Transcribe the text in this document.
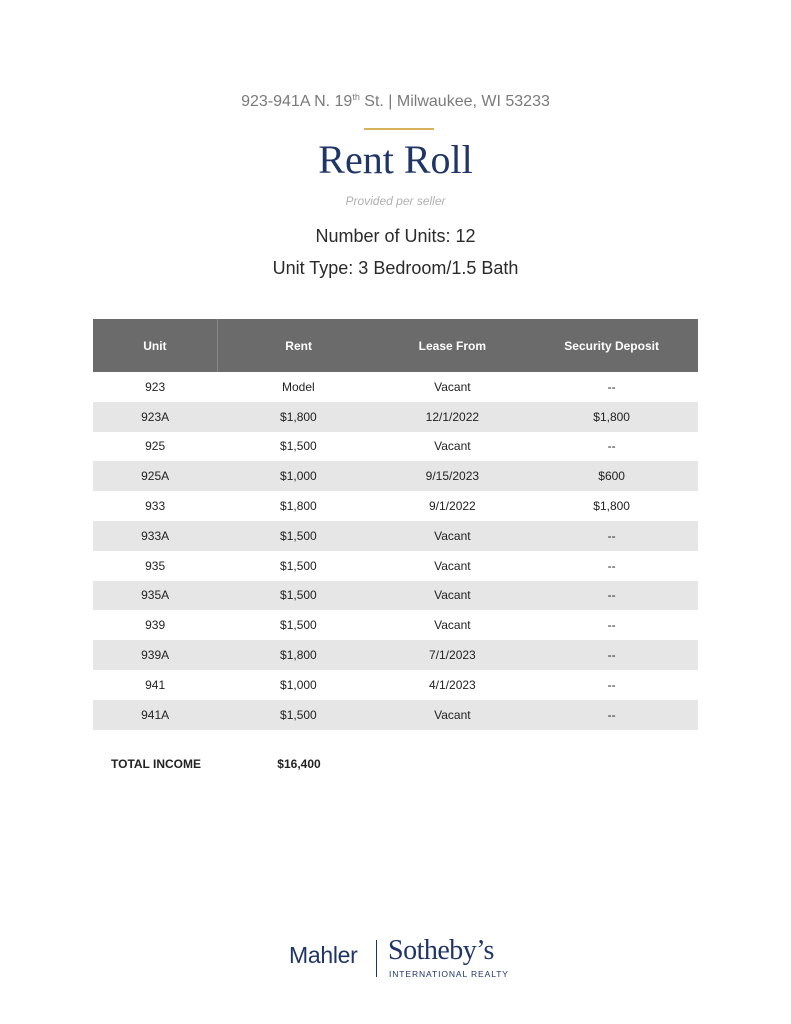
923-941A N. 19th St. | Milwaukee, WI 53233
Rent Roll
Provided per seller
Number of Units: 12
Unit Type: 3 Bedroom/1.5 Bath
Unit	Rent	Lease From	Security Deposit
923	Model	Vacant	--
923A	$1,800	12/1/2022	$1,800
925	$1,500	Vacant	--
925A	$1,000	9/15/2023	$600
933	$1,800	9/1/2022	$1,800
933A	$1,500	Vacant	--
935	$1,500	Vacant	--
935A	$1,500	Vacant	--
939	$1,500	Vacant	--
939A	$1,800	7/1/2023	--
941	$1,000	4/1/2023	--
941A	$1,500	Vacant	--
TOTAL INCOME	$16,400
Mahler Sotheby’s
INTERNATIONAL REALTY
